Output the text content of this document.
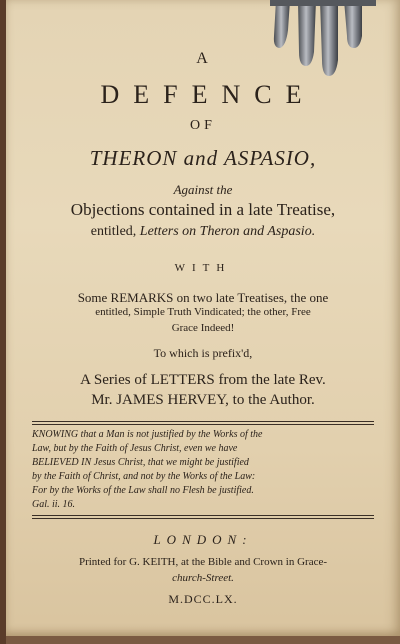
A
DEFENCE
OF
THERON and ASPASIO,
Against the
Objections contained in a late Treatise,
entitled, Letters on Theron and Aspasio.
WITH
Some REMARKS on two late Treatises, the one
entitled, Simple Truth Vindicated; the other, Free
Grace Indeed!
To which is prefix'd,
A Series of LETTERS from the late Rev.
Mr. JAMES HERVEY, to the Author.
KNOWING that a Man is not justified by the Works of the
Law, but by the Faith of Jesus Christ, even we have
BELIEVED IN Jesus Christ, that we might be justified
by the Faith of Christ, and not by the Works of the Law:
For by the Works of the Law shall no Flesh be justified.
Gal. ii. 16.
LONDON:
Printed for G. KEITH, at the Bible and Crown in Grace-
church-Street.
M.DCC.LX.
